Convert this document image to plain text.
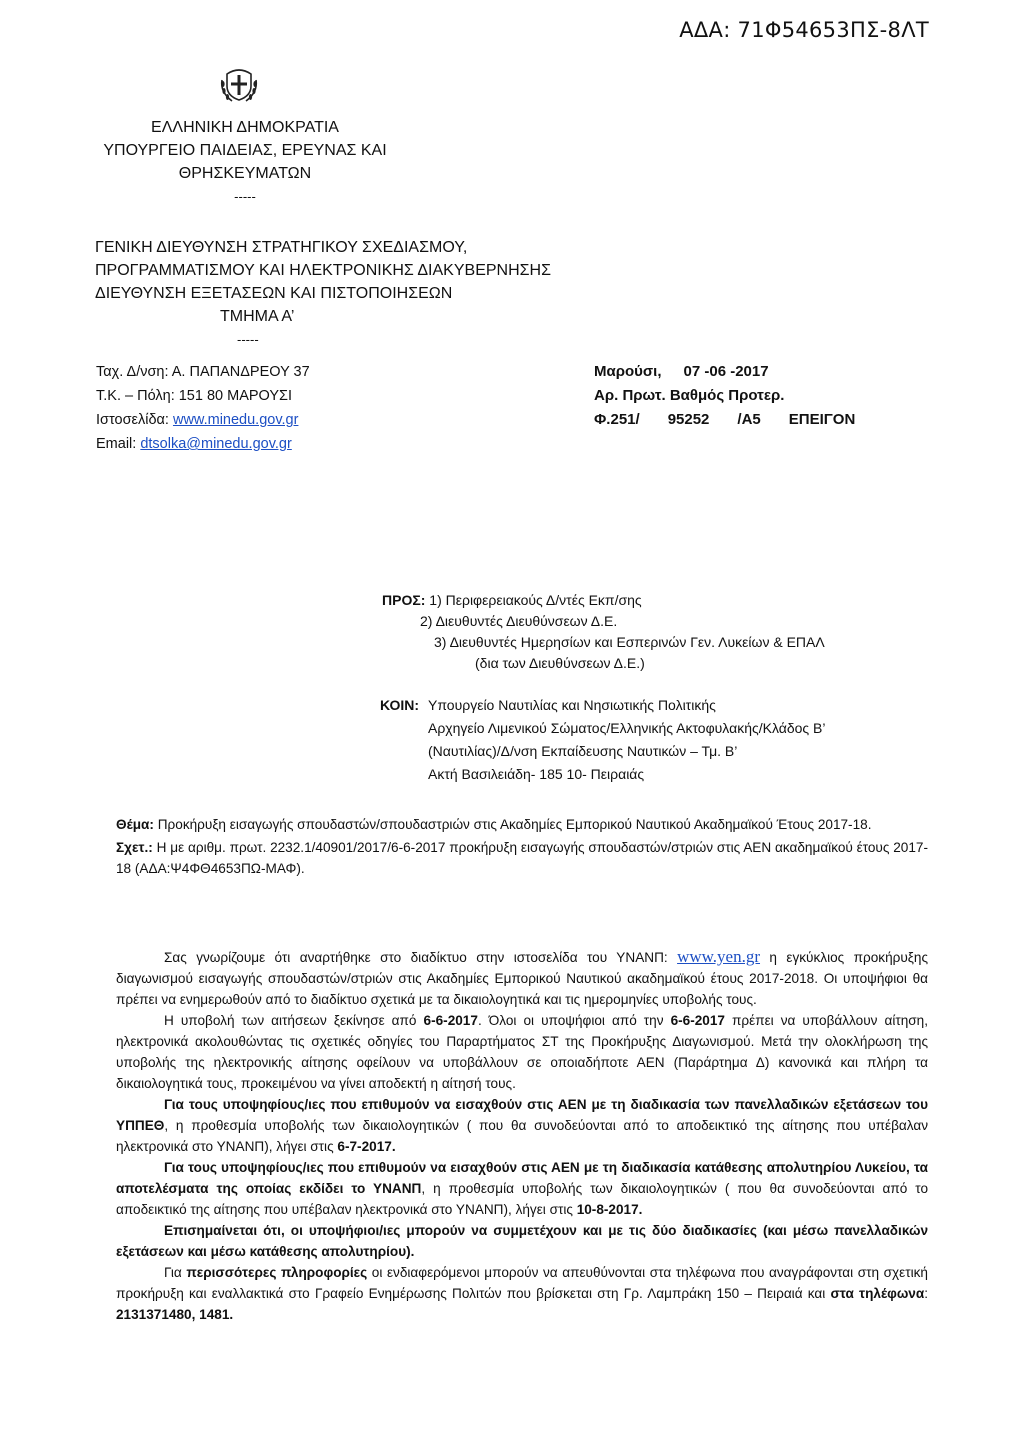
ΑΔΑ: 71Φ54653ΠΣ-8ΛΤ
ΕΛΛΗΝΙΚΗ ΔΗΜΟΚΡΑΤΙΑ
ΥΠΟΥΡΓΕΙΟ ΠΑΙΔΕΙΑΣ, ΕΡΕΥΝΑΣ ΚΑΙ
ΘΡΗΣΚΕΥΜΑΤΩΝ
-----
ΓΕΝΙΚΗ ΔΙΕΥΘΥΝΣΗ ΣΤΡΑΤΗΓΙΚΟΥ ΣΧΕΔΙΑΣΜΟΥ,
ΠΡΟΓΡΑΜΜΑΤΙΣΜΟΥ ΚΑΙ ΗΛΕΚΤΡΟΝΙΚΗΣ ΔΙΑΚΥΒΕΡΝΗΣΗΣ
ΔΙΕΥΘΥΝΣΗ ΕΞΕΤΑΣΕΩΝ ΚΑΙ ΠΙΣΤΟΠΟΙΗΣΕΩΝ
ΤΜΗΜΑ Α’
-----
Ταχ. Δ/νση: Α. ΠΑΠΑΝΔΡΕΟΥ 37
Τ.Κ. – Πόλη: 151 80 ΜΑΡΟΥΣΙ
Ιστοσελίδα: www.minedu.gov.gr
Email: dtsolka@minedu.gov.gr
Μαρούσι, 07 -06 -2017
Αρ. Πρωτ. Βαθμός Προτερ.
Φ.251/ 95252 /Α5 ΕΠΕΙΓΟΝ
ΠΡΟΣ: 1) Περιφερειακούς Δ/ντές Εκπ/σης
2) Διευθυντές Διευθύνσεων Δ.Ε.
3) Διευθυντές Ημερησίων και Εσπερινών Γεν. Λυκείων & ΕΠΑΛ
(δια των Διευθύνσεων Δ.Ε.)
ΚΟΙΝ: Υπουργείο Ναυτιλίας και Νησιωτικής Πολιτικής
Αρχηγείο Λιμενικού Σώματος/Ελληνικής Ακτοφυλακής/Κλάδος Β’
(Ναυτιλίας)/Δ/νση Εκπαίδευσης Ναυτικών – Τμ. Β’
Ακτή Βασιλειάδη- 185 10- Πειραιάς

Θέμα: Προκήρυξη εισαγωγής σπουδαστών/σπουδαστριών στις Ακαδημίες Εμπορικού Ναυτικού Ακαδημαϊκού Έτους 2017-18.

Σχετ.: Η με αριθμ. πρωτ. 2232.1/40901/2017/6-6-2017 προκήρυξη εισαγωγής σπουδαστών/στριών στις ΑΕΝ ακαδημαϊκού έτους 2017-18 (ΑΔΑ:Ψ4ΦΘ4653ΠΩ-ΜΑΦ).

Σας γνωρίζουμε ότι αναρτήθηκε στο διαδίκτυο στην ιστοσελίδα του ΥΝΑΝΠ: www.yen.gr η εγκύκλιος προκήρυξης διαγωνισμού εισαγωγής σπουδαστών/στριών στις Ακαδημίες Εμπορικού Ναυτικού ακαδημαϊκού έτους 2017-2018. Οι υποψήφιοι θα πρέπει να ενημερωθούν από το διαδίκτυο σχετικά με τα δικαιολογητικά και τις ημερομηνίες υποβολής τους.

Η υποβολή των αιτήσεων ξεκίνησε από 6-6-2017. Όλοι οι υποψήφιοι από την 6-6-2017 πρέπει να υποβάλλουν αίτηση, ηλεκτρονικά ακολουθώντας τις σχετικές οδηγίες του Παραρτήματος ΣΤ της Προκήρυξης Διαγωνισμού. Μετά την ολοκλήρωση της υποβολής της ηλεκτρονικής αίτησης οφείλουν να υποβάλλουν σε οποιαδήποτε ΑΕΝ (Παράρτημα Δ) κανονικά και πλήρη τα δικαιολογητικά τους, προκειμένου να γίνει αποδεκτή η αίτησή τους.

Για τους υποψηφίους/ιες που επιθυμούν να εισαχθούν στις ΑΕΝ με τη διαδικασία των πανελλαδικών εξετάσεων του ΥΠΠΕΘ, η προθεσμία υποβολής των δικαιολογητικών ( που θα συνοδεύονται από το αποδεικτικό της αίτησης που υπέβαλαν ηλεκτρονικά στο ΥΝΑΝΠ), λήγει στις 6-7-2017.

Για τους υποψηφίους/ιες που επιθυμούν να εισαχθούν στις ΑΕΝ με τη διαδικασία κατάθεσης απολυτηρίου Λυκείου, τα αποτελέσματα της οποίας εκδίδει το ΥΝΑΝΠ, η προθεσμία υποβολής των δικαιολογητικών ( που θα συνοδεύονται από το αποδεικτικό της αίτησης που υπέβαλαν ηλεκτρονικά στο ΥΝΑΝΠ), λήγει στις 10-8-2017.

Επισημαίνεται ότι, οι υποψήφιοι/ιες μπορούν να συμμετέχουν και με τις δύο διαδικασίες (και μέσω πανελλαδικών εξετάσεων και μέσω κατάθεσης απολυτηρίου).

Για περισσότερες πληροφορίες οι ενδιαφερόμενοι μπορούν να απευθύνονται στα τηλέφωνα που αναγράφονται στη σχετική προκήρυξη και εναλλακτικά στο Γραφείο Ενημέρωσης Πολιτών που βρίσκεται στη Γρ. Λαμπράκη 150 – Πειραιά και στα τηλέφωνα: 2131371480, 1481.
